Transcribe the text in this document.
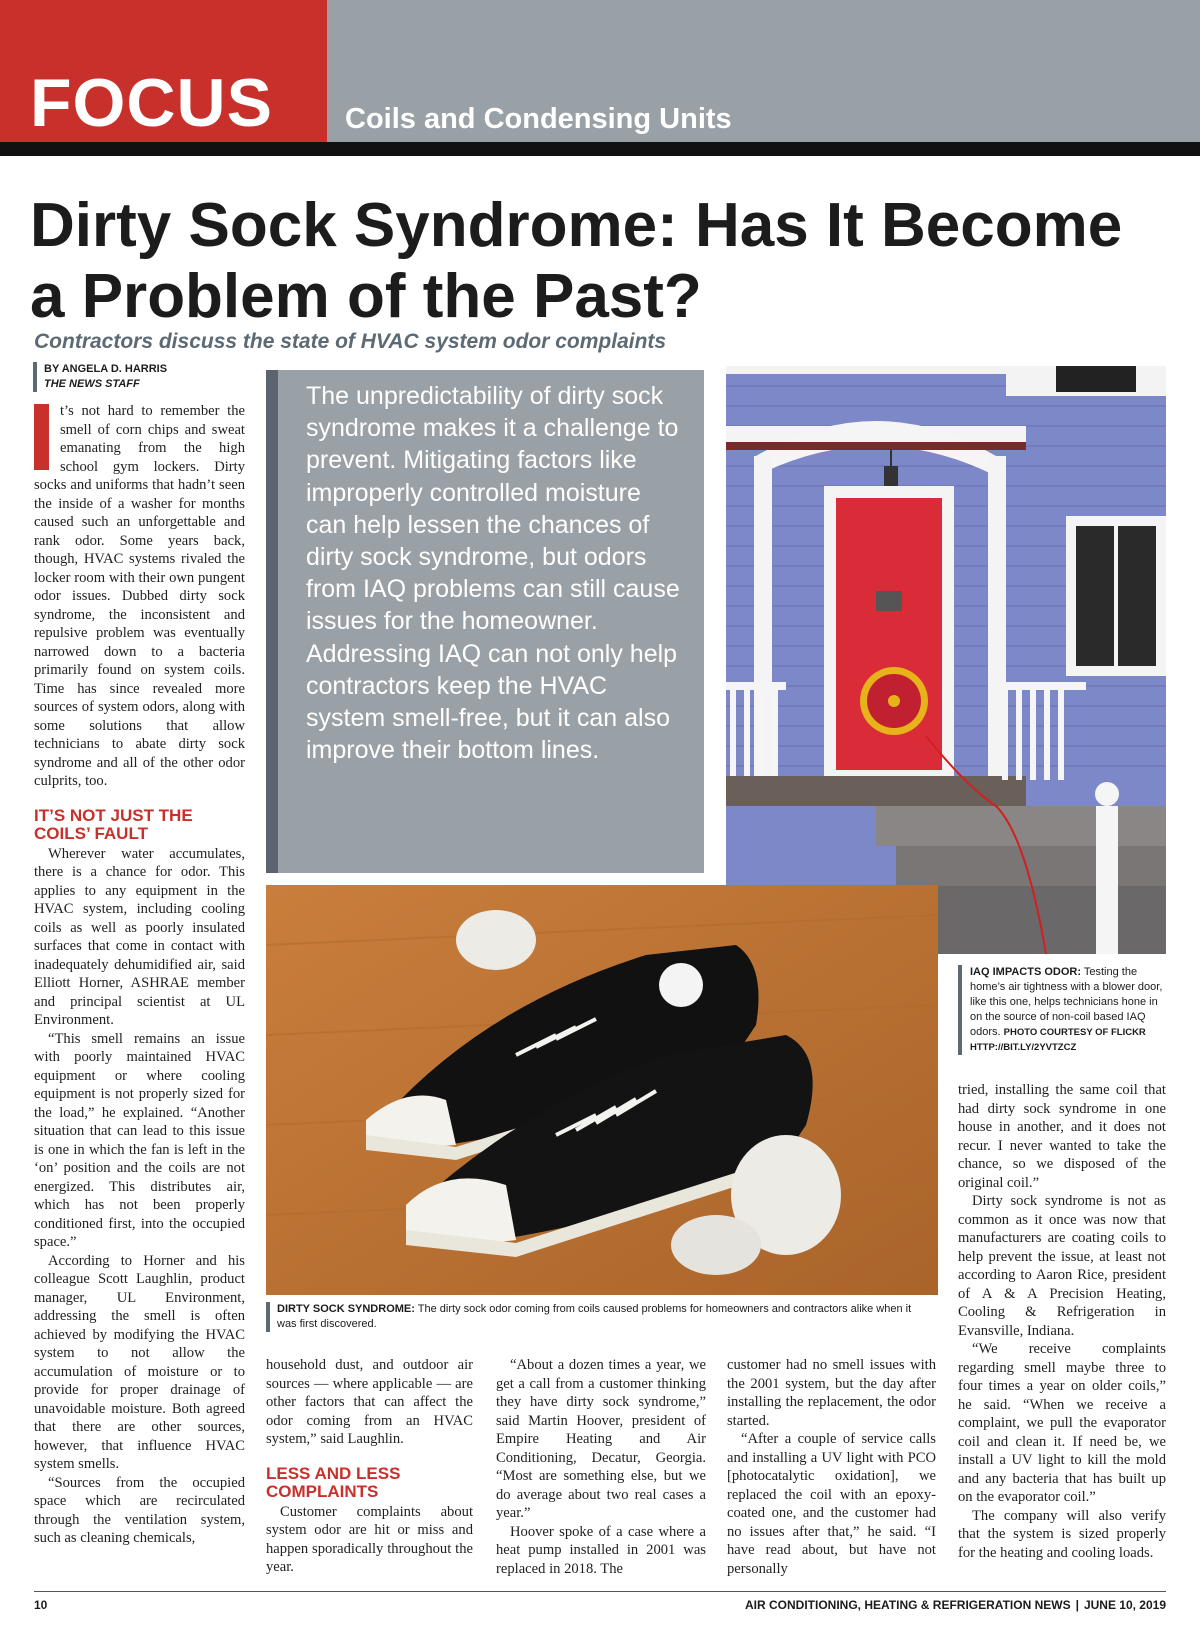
FOCUS Coils and Condensing Units
Dirty Sock Syndrome: Has It Become a Problem of the Past?
Contractors discuss the state of HVAC system odor complaints
BY ANGELA D. HARRIS
THE NEWS STAFF

t’s not hard to remember the smell of corn chips and sweat emanating from the high school gym lockers. Dirty socks and uniforms that hadn’t seen the inside of a washer for months caused such an unforgettable and rank odor. Some years back, though, HVAC systems rivaled the locker room with their own pungent odor issues. Dubbed dirty sock syndrome, the inconsistent and repulsive problem was eventually narrowed down to a bacteria primarily found on system coils. Time has since revealed more sources of system odors, along with some solutions that allow technicians to abate dirty sock syndrome and all of the other odor culprits, too.

IT’S NOT JUST THE COILS’ FAULT

Wherever water accumulates, there is a chance for odor. This applies to any equipment in the HVAC system, including cooling coils as well as poorly insulated surfaces that come in contact with inadequately dehumidified air, said Elliott Horner, ASHRAE member and principal scientist at UL Environment.

“This smell remains an issue with poorly maintained HVAC equipment or where cooling equipment is not properly sized for the load,” he explained. “Another situation that can lead to this issue is one in which the fan is left in the ‘on’ position and the coils are not energized. This distributes air, which has not been properly conditioned first, into the occupied space.”

According to Horner and his colleague Scott Laughlin, product manager, UL Environment, addressing the smell is often achieved by modifying the HVAC system to not allow the accumulation of moisture or to provide for proper drainage of unavoidable moisture. Both agreed that there are other sources, however, that influence HVAC system smells.

“Sources from the occupied space which are recirculated through the ventilation system, such as cleaning chemicals,

The unpredictability of dirty sock syndrome makes it a challenge to prevent. Mitigating factors like improperly controlled moisture can help lessen the chances of dirty sock syndrome, but odors from IAQ problems can still cause issues for the homeowner. Addressing IAQ can not only help contractors keep the HVAC system smell-free, but it can also improve their bottom lines.
DIRTY SOCK SYNDROME: The dirty sock odor coming from coils caused problems for homeowners and contractors alike when it was first discovered.
IAQ IMPACTS ODOR: Testing the home’s air tightness with a blower door, like this one, helps technicians hone in on the source of non-coil based IAQ odors. PHOTO COURTESY OF FLICKR HTTP://BIT.LY/2YVTZCZ

household dust, and outdoor air sources — where applicable — are other factors that can affect the odor coming from an HVAC system,” said Laughlin.

LESS AND LESS COMPLAINTS

Customer complaints about system odor are hit or miss and happen sporadically throughout the year.

“About a dozen times a year, we get a call from a customer thinking they have dirty sock syndrome,” said Martin Hoover, president of Empire Heating and Air Conditioning, Decatur, Georgia. “Most are something else, but we do average about two real cases a year.”

Hoover spoke of a case where a heat pump installed in 2001 was replaced in 2018. The

customer had no smell issues with the 2001 system, but the day after installing the replacement, the odor started.

“After a couple of service calls and installing a UV light with PCO [photocatalytic oxidation], we replaced the coil with an epoxy-coated one, and the customer had no issues after that,” he said. “I have read about, but have not personally

tried, installing the same coil that had dirty sock syndrome in one house in another, and it does not recur. I never wanted to take the chance, so we disposed of the original coil.”

Dirty sock syndrome is not as common as it once was now that manufacturers are coating coils to help prevent the issue, at least not according to Aaron Rice, president of A & A Precision Heating, Cooling & Refrigeration in Evansville, Indiana.

“We receive complaints regarding smell maybe three to four times a year on older coils,” he said. “When we receive a complaint, we pull the evaporator coil and clean it. If need be, we install a UV light to kill the mold and any bacteria that has built up on the evaporator coil.”

The company will also verify that the system is sized properly for the heating and cooling loads.

10	AIR CONDITIONING, HEATING & REFRIGERATION NEWS | JUNE 10, 2019
